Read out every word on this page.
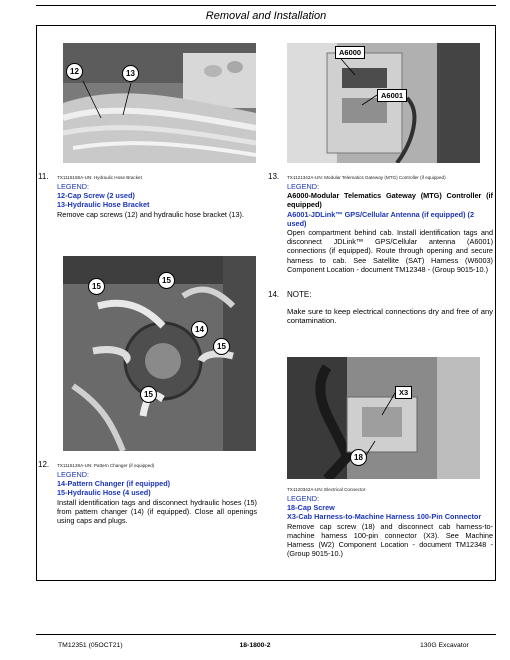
Removal and Installation
12	13
11. TX1115158A-UN: Hydraulic Hose Bracket
LEGEND:
12-Cap Screw (2 used)
13-Hydraulic Hose Bracket
Remove cap screws (12) and hydraulic hose bracket (13).
15
15
14
15
15
12. TX1115128A-UN: Pattern Changer (if equipped)
LEGEND:
14-Pattern Changer (if equipped)
15-Hydraulic Hose (4 used)
Install identification tags and disconnect hydraulic hoses (15) from pattern changer (14) (if equipped). Close all openings using caps and plugs.
A6000
A6001
13. TX1121342A-UN: Modular Telematics Gateway (MTG) Controller (if equipped)
LEGEND:
A6000-Modular Telematics Gateway (MTG) Controller (if equipped)
A6001-JDLink™ GPS/Cellular Antenna (if equipped) (2 used)
Open compartment behind cab. Install identification tags and disconnect JDLink™ GPS/Cellular antenna (A6001) connections (if equipped). Route through opening and secure harness to cab. See Satellite (SAT) Harness (W6003) Component Location - document TM12348 - (Group 9015-10.)
14. NOTE:
Make sure to keep electrical connections dry and free of any contamination.
X3
18
TX1120342A-UN: Electrical Connector
LEGEND:
18-Cap Screw
X3-Cab Harness-to-Machine Harness 100-Pin Connector
Remove cap screw (18) and disconnect cab harness-to-machine harness 100-pin connector (X3). See Machine Harness (W2) Component Location - document TM12348 - (Group 9015-10.)
TM12351 (05OCT21)	18-1800-2	130G Excavator
